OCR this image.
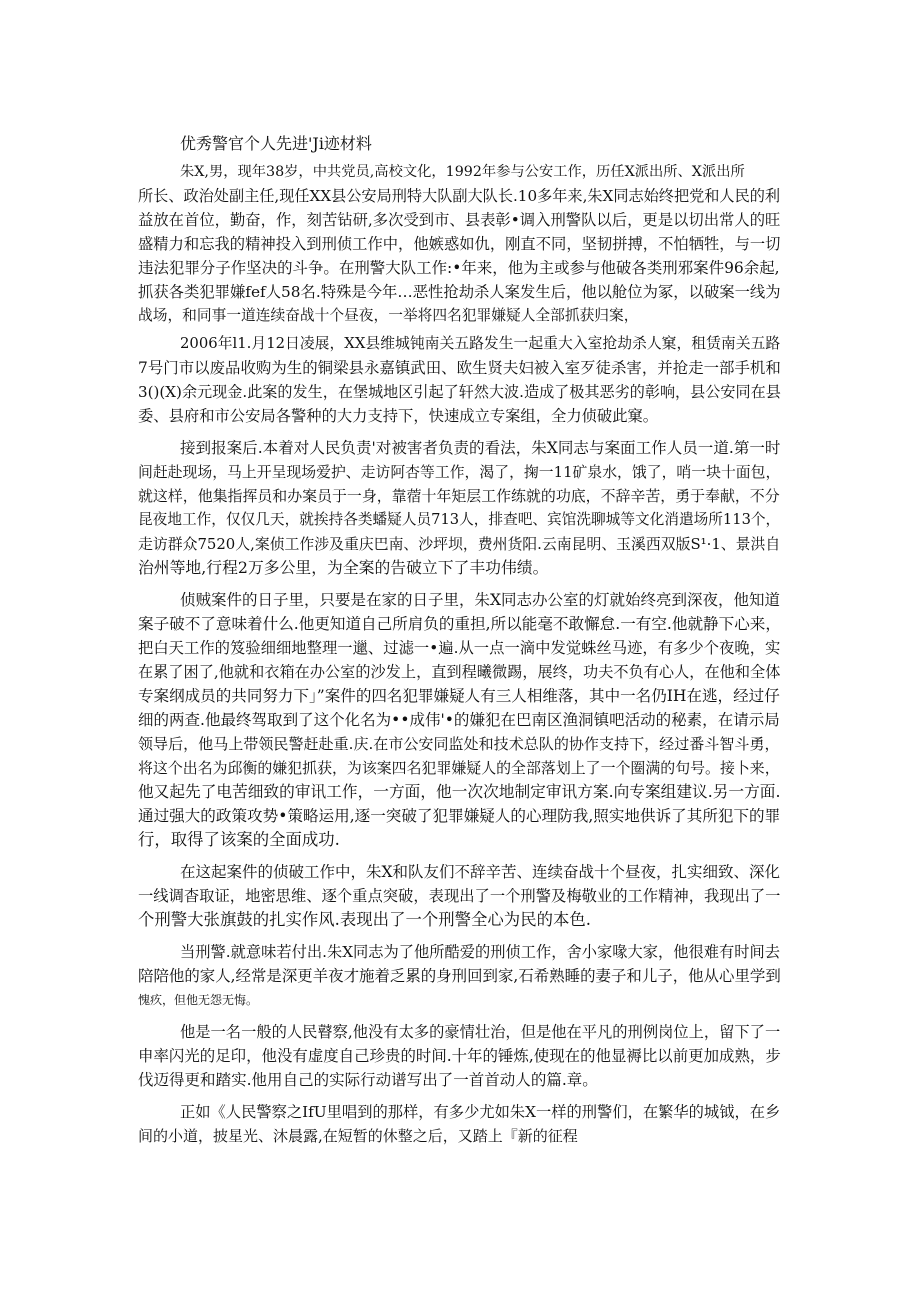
优秀警官个人先进'Ji迹材料
朱X,男，现年38岁，中共党员,高校文化，1992年参与公安工作，历任X派出所、X派出所
所长、政治处副主任,现任XX县公安局刑特大队副大队长.10多年来,朱X同志始终把党和人民的利
益放在首位，勤奋，作，刻苦钻研,多次受到市、县表彰•调入刑警队以后，更是以切出常人的旺
盛精力和忘我的精神投入到刑侦工作中，他嫉惑如仇，刚直不同，坚韧拼搏，不怕牺牲，与一切
违法犯罪分子作坚决的斗争。在刑警大队工作:•年来，他为主或参与他破各类刑邪案件96余起,
抓获各类犯罪嫌fef人58名.特殊是今年…恶性抢劫杀人案发生后，他以舱位为冢，以破案一线为
战场，和同事一道连续奋战十个昼夜，一举将四名犯罪嫌疑人全部抓获归案，
2006年l1.月12日凌展，XX县维城钝南关五路发生一起重大入室抢劫杀人窠，租赁南关五路
7号门市以废品收购为生的铜梁县永嘉镇武田、欧生贤夫妇被入室歹徒杀害，并抢走一部手机和
3()(X)余元现金.此案的发生，在堡城地区引起了轩然大波.造成了极其恶劣的彰响，县公安同在县
委、县府和市公安局各警种的大力支持下，快速成立专案组，全力侦破此窠。
接到报案后.本着对人民负责'对被害者负责的看法，朱X同志与案面工作人员一道.第一时
间赶赴现场，马上开呈现场爱护、走访阿杏等工作，渴了，掬一11矿泉水，饿了，哨一块十面包，
就这样，他集指挥员和办案员于一身，靠蓿十年矩层工作练就的功底，不辞辛苦，勇于奉献，不分
昆夜地工作，仅仅几天，就挨持各类蟠疑人员713人，排查吧、宾馆洗聊城等文化消遣场所113个，
走访群众7520人,案侦工作涉及重庆巴南、沙坪坝，费州货阳.云南昆明、玉溪西双版S¹·1、景洪自
治州等地,行程2万多公里，为全案的告破立下了丰功伟绩。
侦贼案件的日子里，只要是在家的日子里，朱X同志办公室的灯就始终亮到深夜，他知道
案子破不了意味着什么.他更知道自己所肩负的重担,所以能毫不敢懈怠.一有空.他就静下心来，
把白天工作的笈验细细地整理一邋、过滤一•遍.从一点一滴中发觉蛛丝马迹，有多少个夜晚，实
在累了困了,他就和衣箱在办公室的沙发上，直到程曦微踢，展终，功夫不负有心人，在他和全体
专案纲成员的共同努力下」”案件的四名犯罪嫌疑人有三人相维落，其中一名仍IH在逃，经过仔
细的两查.他最终驾取到了这个化名为••成伟'•的嫌犯在巴南区渔洞镇吧活动的秘素，在请示局
领导后，他马上带领民警赶赴重.庆.在市公安同监处和技术总队的协作支持下，经过番斗智斗勇，
将这个出名为邱衡的嫌犯抓获，为该案四名犯罪嫌疑人的全部落划上了一个圈满的句号。接卜来，
他又起先了电苦细致的审讯工作，一方面，他一次次地制定审讯方案.向专案组建议.另一方面.
通过强大的政策攻势•策略运用,逐一突破了犯罪嫌疑人的心理防我,照实地供诉了其所犯下的罪
行，取得了该案的全面成功.
在这起案件的侦破工作中，朱X和队友们不辞辛苦、连续奋战十个昼夜，扎实细致、深化
一线调杳取证，地密思维、逐个重点突破，表现出了一个刑警及梅敬业的工作精神，我现出了一
个刑警大张旗鼓的扎实作风.表现出了一个刑警全心为民的本色.
当刑警.就意味若付出.朱X同志为了他所酷爱的刑侦工作，舍小家喙大家，他很难有时间去
陪陪他的家人,经常是深更羊夜才施着乏累的身刑回到家,石希熟睡的妻子和儿子，他从心里学到
愧疚，但他无怨无悔。
他是一名一般的人民瞽察,他没有太多的豪情壮治，但是他在平凡的刑例岗位上，留下了一
申率闪光的足印，他没有虚度自己珍贵的时间.十年的锤炼,使现在的他显褥比以前更加成熟，步
伐迈得更和踏实.他用自己的实际行动谱写出了一首首动人的篇.章。
正如《人民警察之IfU里唱到的那样，有多少尤如朱X一样的刑警们，在繁华的城钺，在乡
间的小道，披星光、沐晨露,在短暂的休整之后，又踏上『新的征程
